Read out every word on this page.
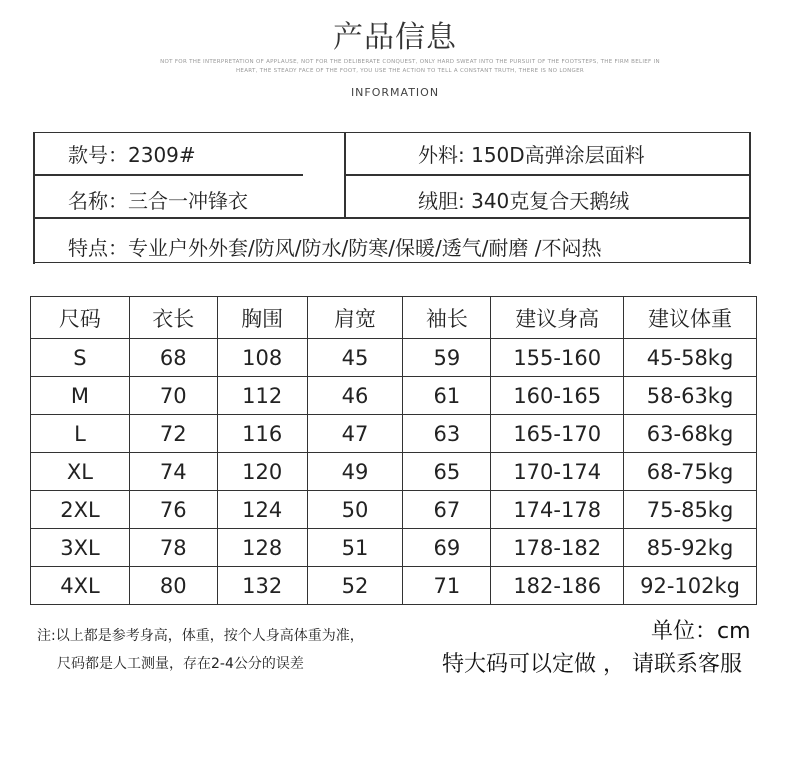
产品信息
NOT FOR THE INTERPRETATION OF APPLAUSE, NOT FOR THE DELIBERATE CONQUEST, ONLY HARD SWEAT INTO THE PURSUIT OF THE FOOTSTEPS, THE FIRM BELIEF IN
HEART, THE STEADY FACE OF THE FOOT, YOU USE THE ACTION TO TELL A CONSTANT TRUTH, THERE IS NO LONGER
INFORMATION
款号：2309#	外料: 150D高弹涂层面料
名称：三合一冲锋衣	绒胆: 340克复合天鹅绒
特点：专业户外外套/防风/防水/防寒/保暖/透气/耐磨 /不闷热
尺码	衣长	胸围	肩宽	袖长	建议身高	建议体重
S	68	108	45	59	155-160	45-58kg
M	70	112	46	61	160-165	58-63kg
L	72	116	47	63	165-170	63-68kg
XL	74	120	49	65	170-174	68-75kg
2XL	76	124	50	67	174-178	75-85kg
3XL	78	128	51	69	178-182	85-92kg
4XL	80	132	52	71	182-186	92-102kg
注:以上都是参考身高，体重，按个人身高体重为准，
尺码都是人工测量，存在2-4公分的误差
单位：cm
特大码可以定做 ， 请联系客服
